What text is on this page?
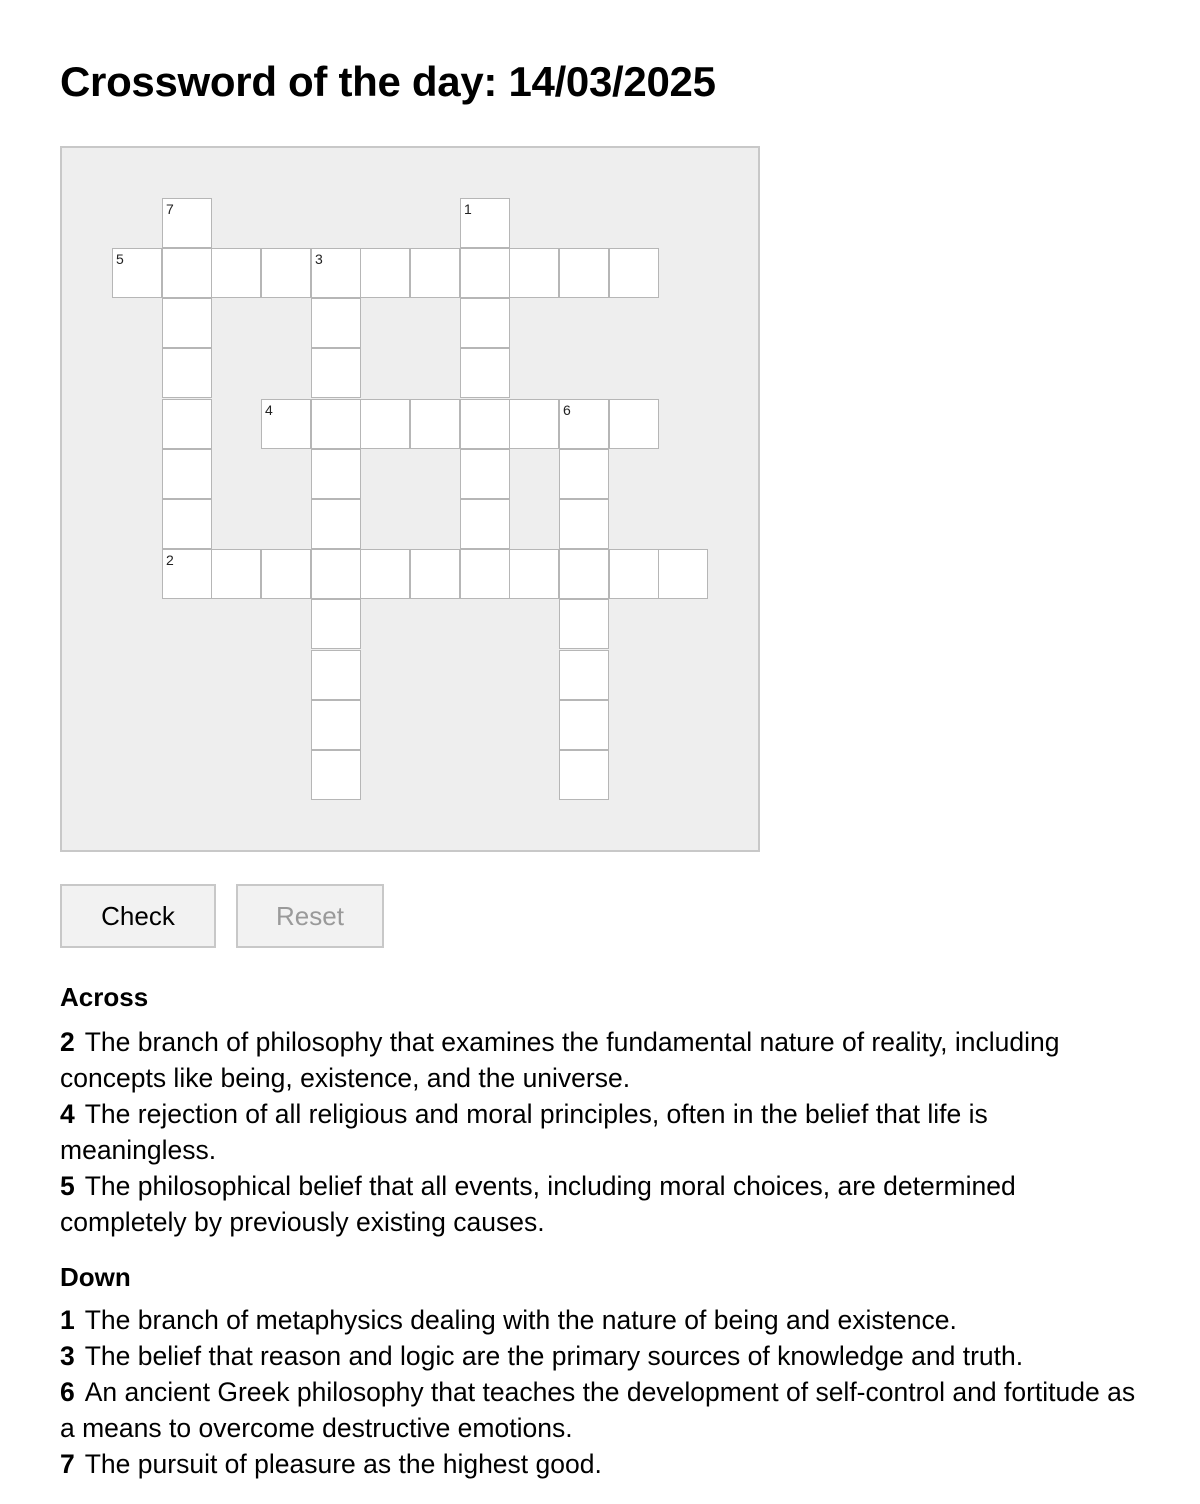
Crossword of the day: 14/03/2025
7	1
5	3
4	6
2
Check	Reset
Across
2 The branch of philosophy that examines the fundamental nature of reality, including concepts like being, existence, and the universe.
4 The rejection of all religious and moral principles, often in the belief that life is meaningless.
5 The philosophical belief that all events, including moral choices, are determined completely by previously existing causes.
Down
1 The branch of metaphysics dealing with the nature of being and existence.
3 The belief that reason and logic are the primary sources of knowledge and truth.
6 An ancient Greek philosophy that teaches the development of self-control and fortitude as a means to overcome destructive emotions.
7 The pursuit of pleasure as the highest good.
